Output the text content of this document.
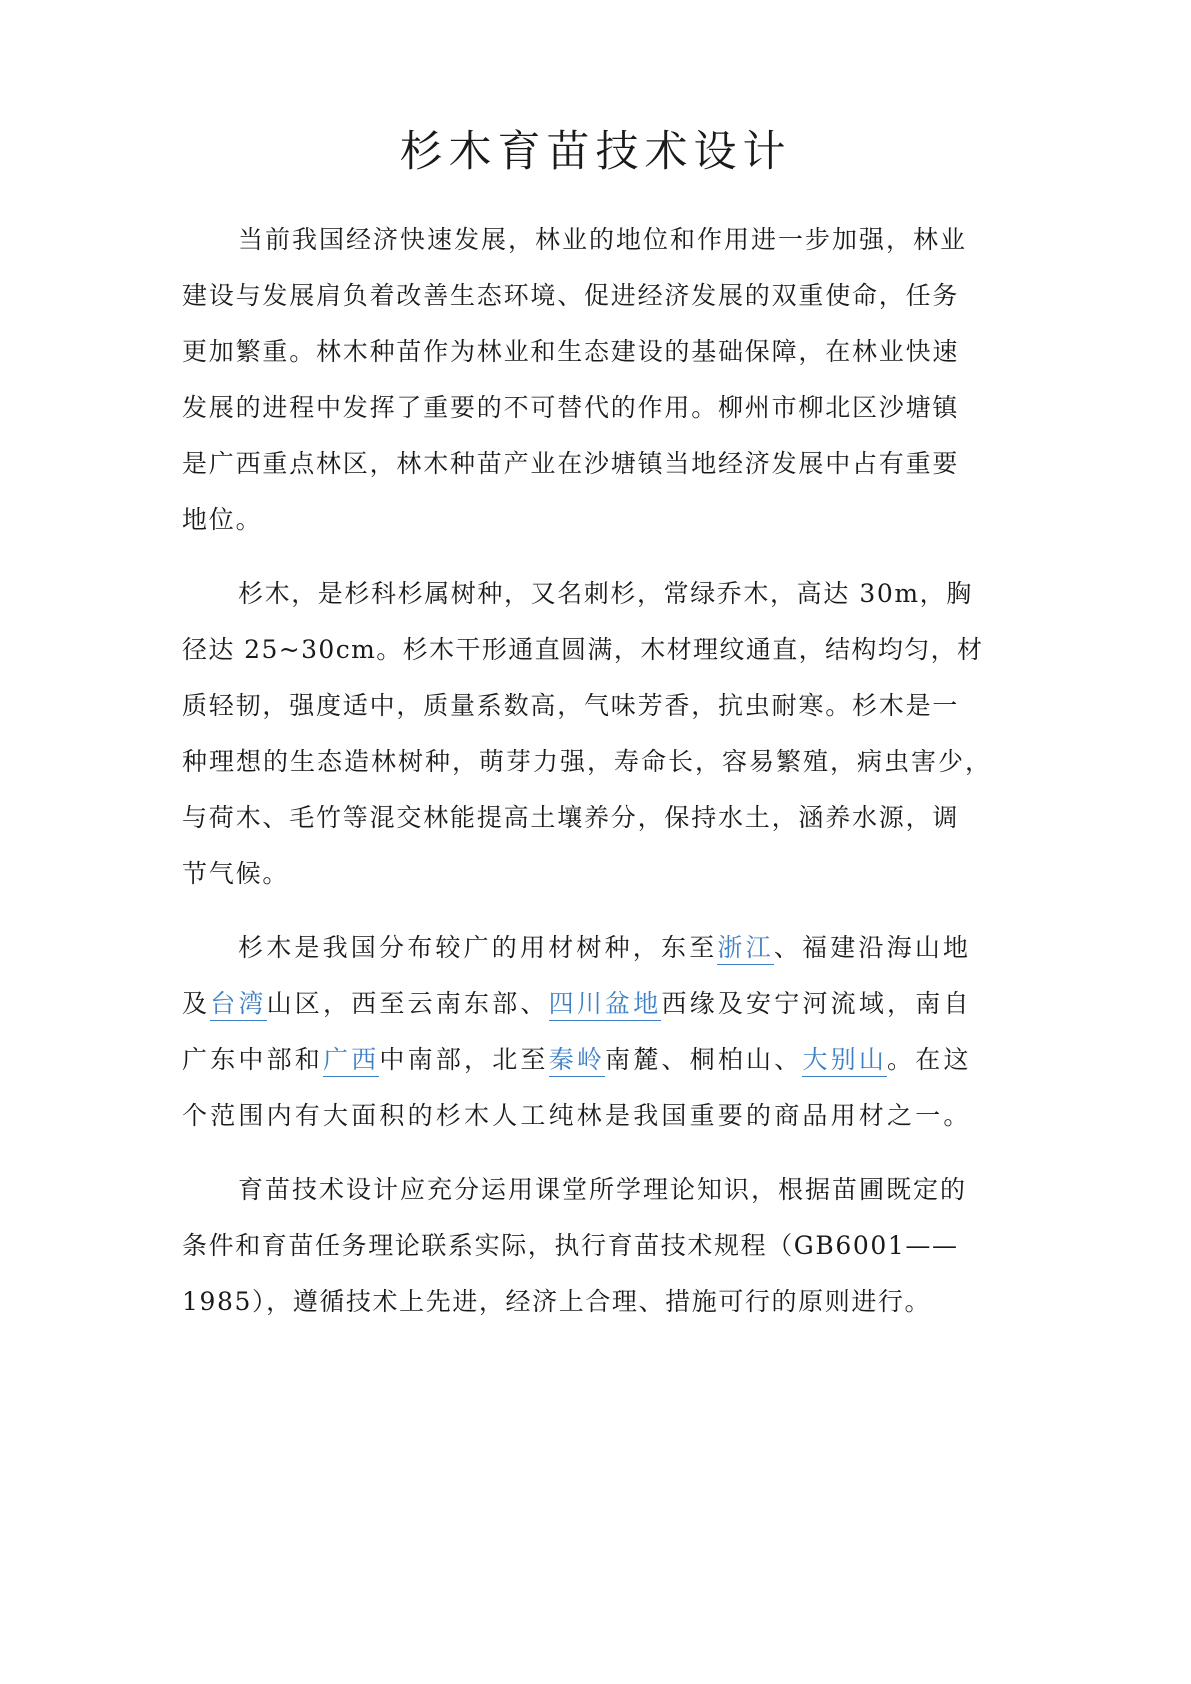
杉木育苗技术设计

当前我国经济快速发展，林业的地位和作用进一步加强，林业

建设与发展肩负着改善生态环境、促进经济发展的双重使命，任务

更加繁重。林木种苗作为林业和生态建设的基础保障，在林业快速

发展的进程中发挥了重要的不可替代的作用。柳州市柳北区沙塘镇

是广西重点林区，林木种苗产业在沙塘镇当地经济发展中占有重要

地位。

杉木，是杉科杉属树种，又名刺杉，常绿乔木，高达 30m，胸

径达 25~30cm。杉木干形通直圆满，木材理纹通直，结构均匀，材

质轻韧，强度适中，质量系数高，气味芳香，抗虫耐寒。杉木是一

种理想的生态造林树种，萌芽力强，寿命长，容易繁殖，病虫害少，

与荷木、毛竹等混交林能提高土壤养分，保持水土，涵养水源，调

节气候。

杉木是我国分布较广的用材树种，东至浙江、福建沿海山地

及台湾山区，西至云南东部、四川盆地西缘及安宁河流域，南自

广东中部和广西中南部，北至秦岭南麓、桐柏山、大别山。在这

个范围内有大面积的杉木人工纯林是我国重要的商品用材之一。

育苗技术设计应充分运用课堂所学理论知识，根据苗圃既定的

条件和育苗任务理论联系实际，执行育苗技术规程（GB6001——

1985），遵循技术上先进，经济上合理、措施可行的原则进行。
